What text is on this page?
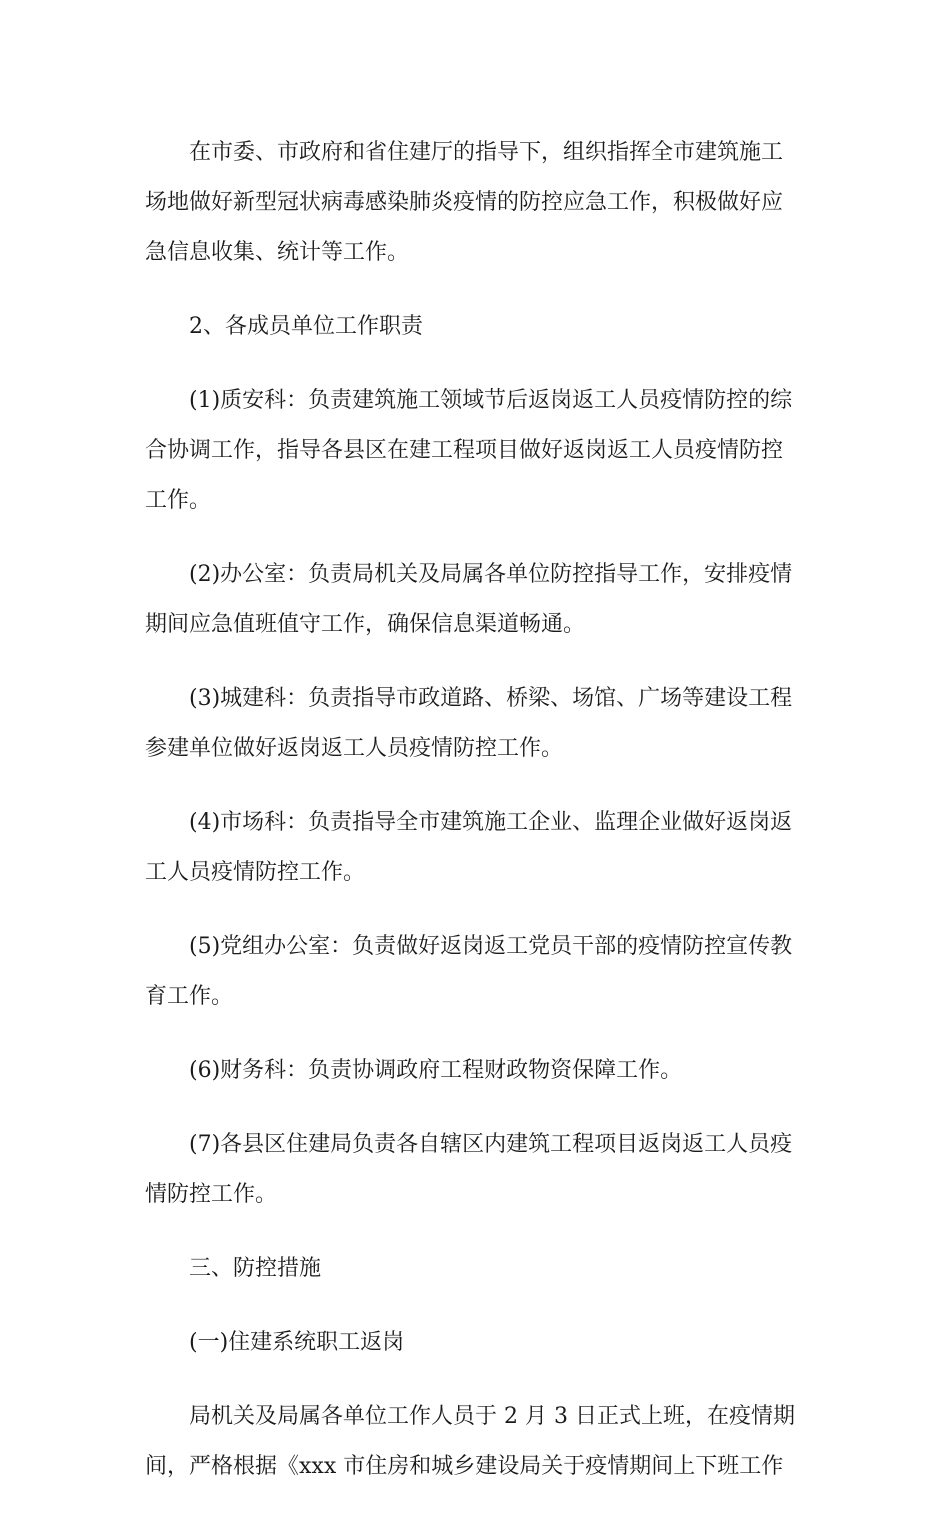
在市委、市政府和省住建厅的指导下，组织指挥全市建筑施工
场地做好新型冠状病毒感染肺炎疫情的防控应急工作，积极做好应
急信息收集、统计等工作。

2、各成员单位工作职责

(1)质安科：负责建筑施工领域节后返岗返工人员疫情防控的综
合协调工作，指导各县区在建工程项目做好返岗返工人员疫情防控
工作。

(2)办公室：负责局机关及局属各单位防控指导工作，安排疫情
期间应急值班值守工作，确保信息渠道畅通。

(3)城建科：负责指导市政道路、桥梁、场馆、广场等建设工程
参建单位做好返岗返工人员疫情防控工作。

(4)市场科：负责指导全市建筑施工企业、监理企业做好返岗返
工人员疫情防控工作。

(5)党组办公室：负责做好返岗返工党员干部的疫情防控宣传教
育工作。

(6)财务科：负责协调政府工程财政物资保障工作。

(7)各县区住建局负责各自辖区内建筑工程项目返岗返工人员疫
情防控工作。

三、防控措施

(一)住建系统职工返岗

局机关及局属各单位工作人员于 2 月 3 日正式上班，在疫情期
间，严格根据《xxx 市住房和城乡建设局关于疫情期间上下班工作
